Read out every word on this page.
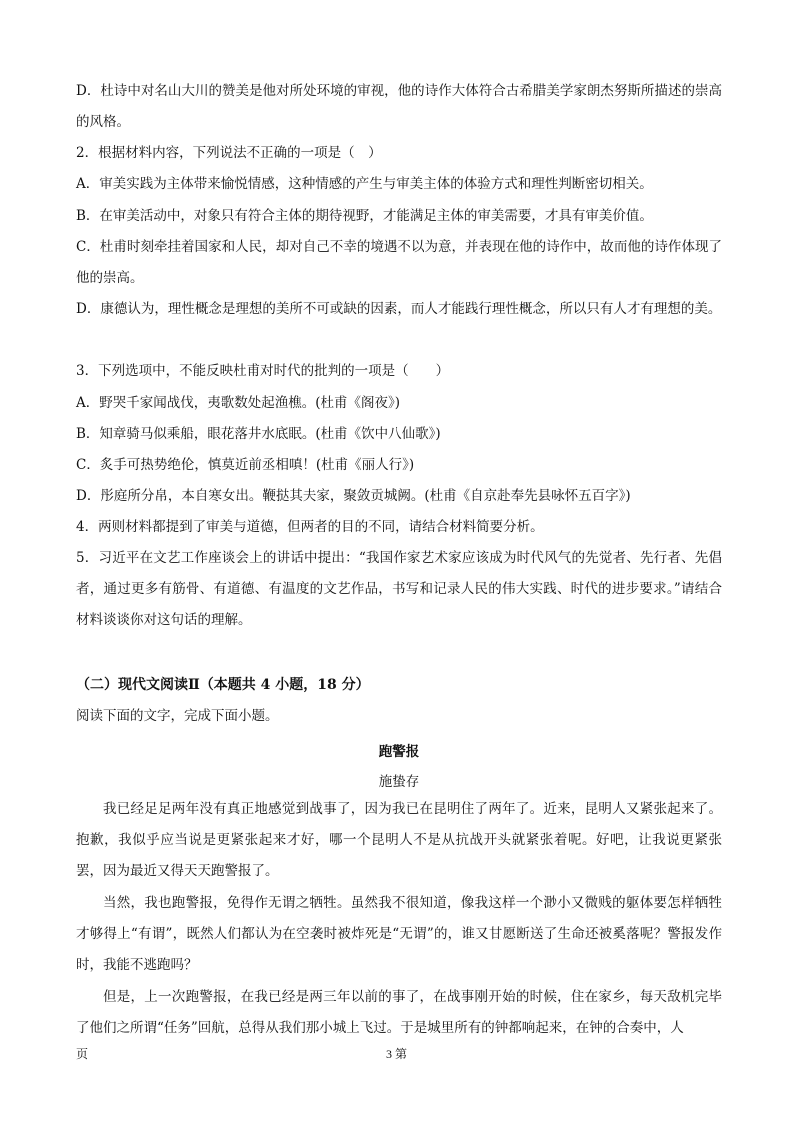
D．杜诗中对名山大川的赞美是他对所处环境的审视，他的诗作大体符合古希腊美学家朗杰努斯所描述的崇高的风格。

2．根据材料内容，下列说法不正确的一项是（　）

A．审美实践为主体带来愉悦情感，这种情感的产生与审美主体的体验方式和理性判断密切相关。

B．在审美活动中，对象只有符合主体的期待视野，才能满足主体的审美需要，才具有审美价值。

C．杜甫时刻牵挂着国家和人民，却对自己不幸的境遇不以为意，并表现在他的诗作中，故而他的诗作体现了他的崇高。

D．康德认为，理性概念是理想的美所不可或缺的因素，而人才能践行理性概念，所以只有人才有理想的美。

3．下列选项中，不能反映杜甫对时代的批判的一项是（　　）

A．野哭千家闻战伐，夷歌数处起渔樵。(杜甫《阁夜》)

B．知章骑马似乘船，眼花落井水底眠。(杜甫《饮中八仙歌》)

C．炙手可热势绝伦，慎莫近前丞相嗔！(杜甫《丽人行》)

D．彤庭所分帛，本自寒女出。鞭挞其夫家，聚敛贡城阙。(杜甫《自京赴奉先县咏怀五百字》)

4．两则材料都提到了审美与道德，但两者的目的不同，请结合材料简要分析。

5．习近平在文艺工作座谈会上的讲话中提出：“我国作家艺术家应该成为时代风气的先觉者、先行者、先倡者，通过更多有筋骨、有道德、有温度的文艺作品，书写和记录人民的伟大实践、时代的进步要求。”请结合材料谈谈你对这句话的理解。

（二）现代文阅读Ⅱ（本题共 4 小题，18 分）

阅读下面的文字，完成下面小题。

跑警报

施蛰存

我已经足足两年没有真正地感觉到战事了，因为我已在昆明住了两年了。近来，昆明人又紧张起来了。抱歉，我似乎应当说是更紧张起来才好，哪一个昆明人不是从抗战开头就紧张着呢。好吧，让我说更紧张罢，因为最近又得天天跑警报了。

当然，我也跑警报，免得作无谓之牺牲。虽然我不很知道，像我这样一个渺小又微贱的躯体要怎样牺牲才够得上“有谓”，既然人们都认为在空袭时被炸死是“无谓”的，谁又甘愿断送了生命还被奚落呢？警报发作时，我能不逃跑吗？

但是，上一次跑警报，在我已经是两三年以前的事了，在战事刚开始的时候，住在家乡，每天敌机完毕了他们之所谓“任务”回航，总得从我们那小城上飞过。于是城里所有的钟都响起来，在钟的合奏中，人

页	3 第
